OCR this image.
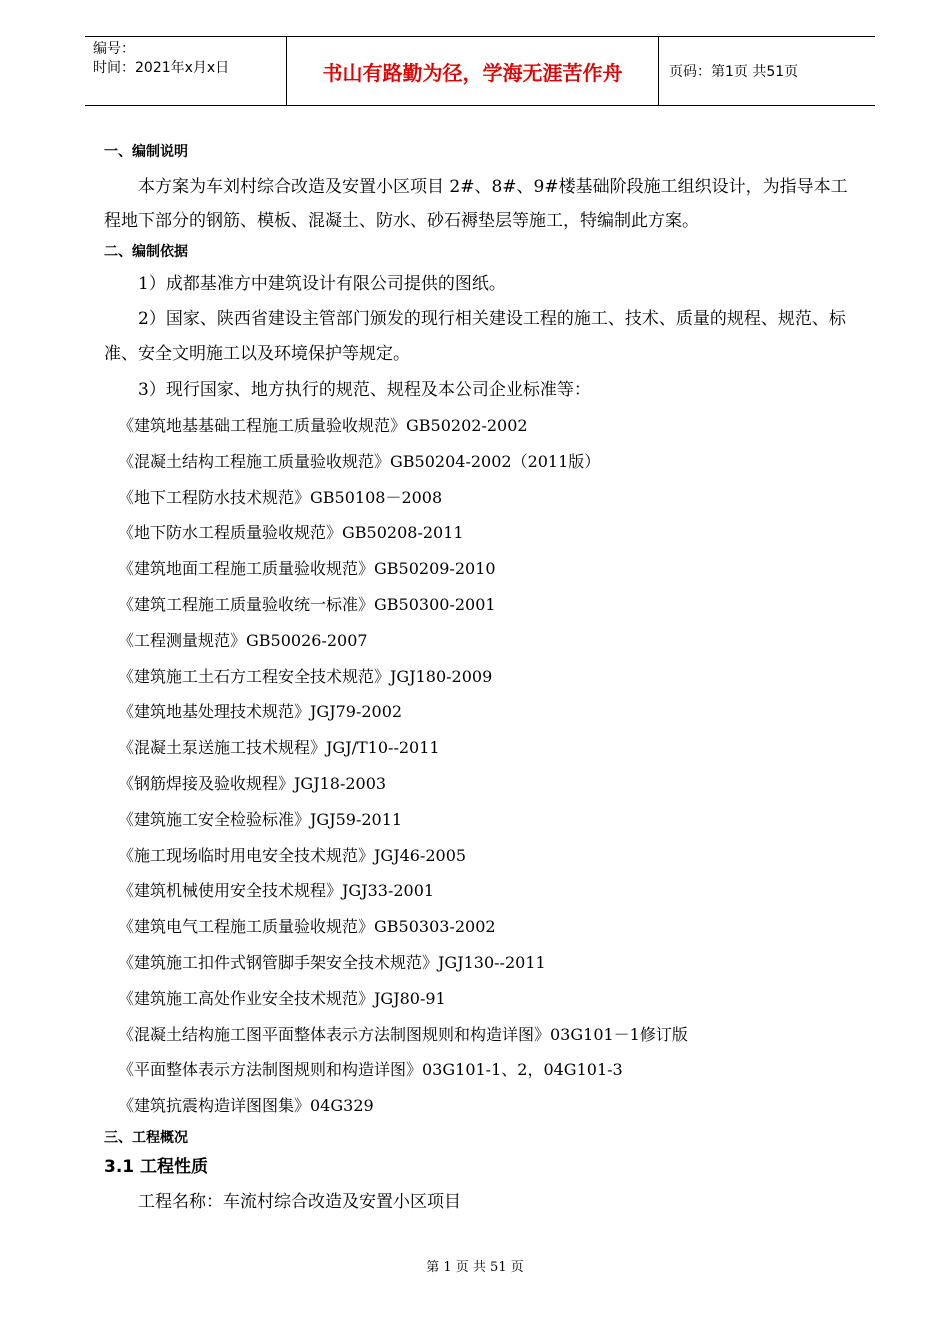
编号：
时间：2021年x月x日	书山有路勤为径，学海无涯苦作舟	页码：第1页 共51页

一、编制说明

本方案为车刘村综合改造及安置小区项目 2#、8#、9#楼基础阶段施工组织设计，为指导本工程地下部分的钢筋、模板、混凝土、防水、砂石褥垫层等施工，特编制此方案。

二、编制依据

1）成都基准方中建筑设计有限公司提供的图纸。

2）国家、陕西省建设主管部门颁发的现行相关建设工程的施工、技术、质量的规程、规范、标准、安全文明施工以及环境保护等规定。

3）现行国家、地方执行的规范、规程及本公司企业标准等：

《建筑地基基础工程施工质量验收规范》GB50202-2002

《混凝土结构工程施工质量验收规范》GB50204-2002（2011版）

《地下工程防水技术规范》GB50108－2008

《地下防水工程质量验收规范》GB50208-2011

《建筑地面工程施工质量验收规范》GB50209-2010

《建筑工程施工质量验收统一标准》GB50300-2001

《工程测量规范》GB50026-2007

《建筑施工土石方工程安全技术规范》JGJ180-2009

《建筑地基处理技术规范》JGJ79-2002

《混凝土泵送施工技术规程》JGJ/T10--2011

《钢筋焊接及验收规程》JGJ18-2003

《建筑施工安全检验标准》JGJ59-2011

《施工现场临时用电安全技术规范》JGJ46-2005

《建筑机械使用安全技术规程》JGJ33-2001

《建筑电气工程施工质量验收规范》GB50303-2002

《建筑施工扣件式钢管脚手架安全技术规范》JGJ130--2011

《建筑施工高处作业安全技术规范》JGJ80-91

《混凝土结构施工图平面整体表示方法制图规则和构造详图》03G101－1修订版

《平面整体表示方法制图规则和构造详图》03G101-1、2，04G101-3

《建筑抗震构造详图图集》04G329

三、工程概况

3.1 工程性质

工程名称：车流村综合改造及安置小区项目

第 1 页 共 51 页
